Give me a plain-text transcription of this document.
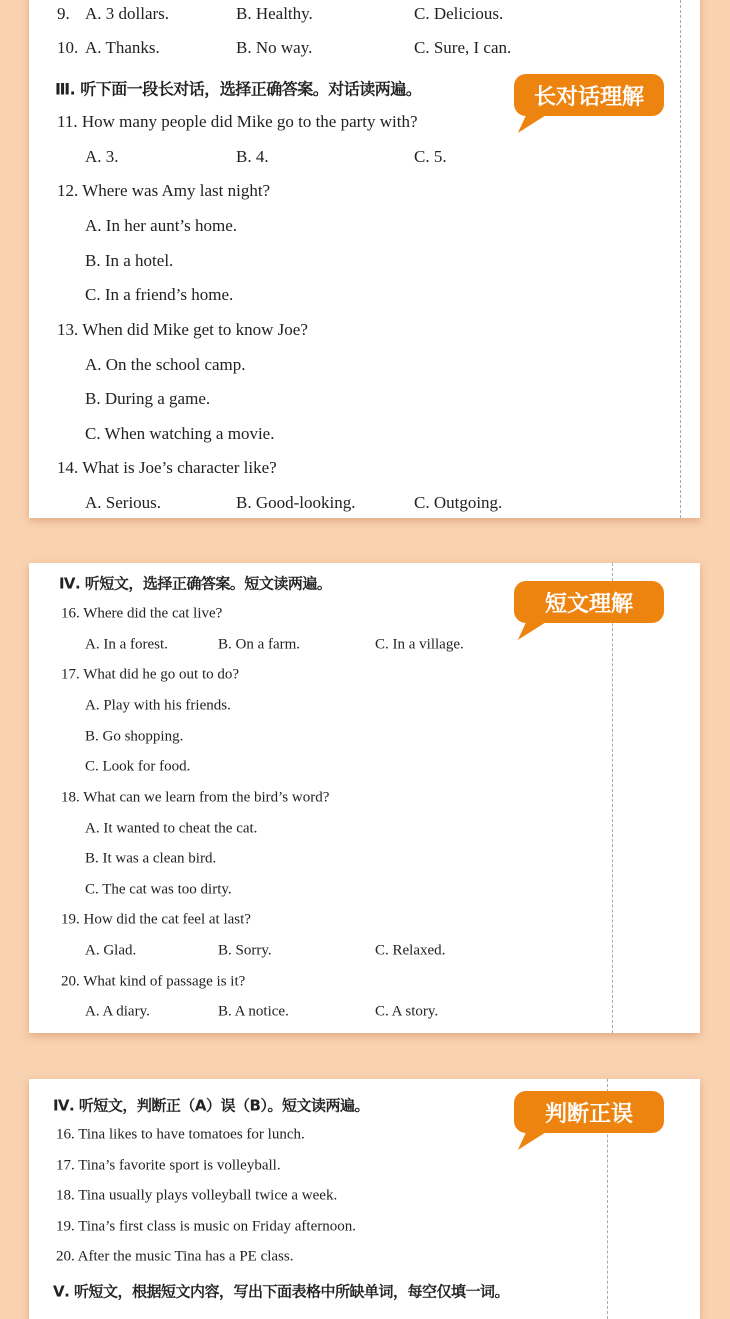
9. A. 3 dollars.	B. Healthy.	C. Delicious.
10. A. Thanks.	B. No way.	C. Sure, I can.
Ⅲ. 听下面一段长对话，选择正确答案。对话读两遍。	长对话理解
11. How many people did Mike go to the party with?
A. 3.	B. 4.	C. 5.
12. Where was Amy last night?
A. In her aunt’s home.
B. In a hotel.
C. In a friend’s home.
13. When did Mike get to know Joe?
A. On the school camp.
B. During a game.
C. When watching a movie.
14. What is Joe’s character like?
A. Serious.	B. Good-looking.	C. Outgoing.
Ⅳ. 听短文，选择正确答案。短文读两遍。
短文理解
16. Where did the cat live?
A. In a forest.	B. On a farm.	C. In a village.
17. What did he go out to do?
A. Play with his friends.
B. Go shopping.
C. Look for food.
18. What can we learn from the bird’s word?
A. It wanted to cheat the cat.
B. It was a clean bird.
C. The cat was too dirty.
19. How did the cat feel at last?
A. Glad.	B. Sorry.	C. Relaxed.
20. What kind of passage is it?
A. A diary.	B. A notice.	C. A story.
Ⅳ. 听短文，判断正（A）误（B）。短文读两遍。	判断正误
16. Tina likes to have tomatoes for lunch.
17. Tina’s favorite sport is volleyball.
18. Tina usually plays volleyball twice a week.
19. Tina’s first class is music on Friday afternoon.
20. After the music Tina has a PE class.
Ⅴ. 听短文，根据短文内容，写出下面表格中所缺单词，每空仅填一词。
